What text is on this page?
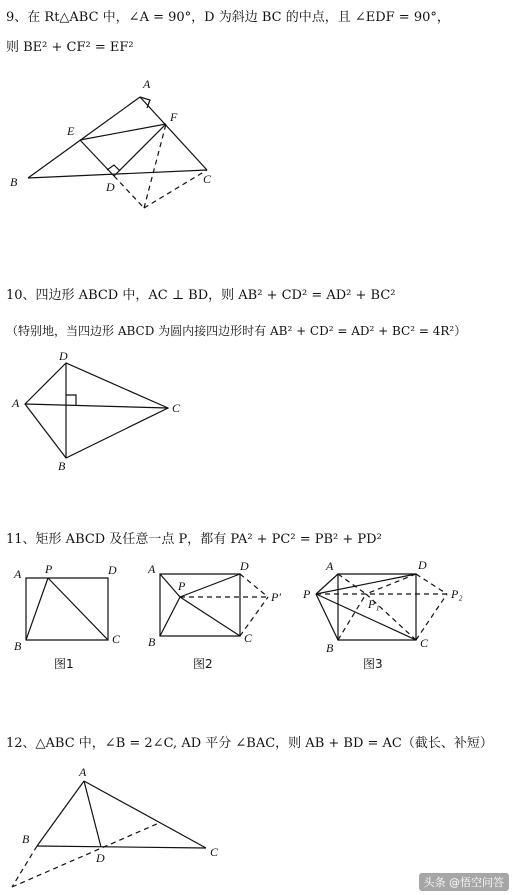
9、在 Rt△ABC 中，∠A = 90°，D 为斜边 BC 的中点，且 ∠EDF = 90°，
则 BE² + CF² = EF²
A
B	C
D
E
F
10、四边形 ABCD 中，AC ⊥ BD，则 AB² + CD² = AD² + BC²
（特别地，当四边形 ABCD 为圆内接四边形时有 AB² + CD² = AD² + BC² = 4R²）
A
B
C
D
11、矩形 ABCD 及任意一点 P，都有 PA² + PC² = PB² + PD²
A P	D
B	C
图1
A
P
D
P′
B	C
图2
A
P
D
P₁
P₂
B	C
图3
12、△ABC 中，∠B = 2∠C, AD 平分 ∠BAC，则 AB + BD = AC（截长、补短）
A
B
C
D
头条 @悟空问答
